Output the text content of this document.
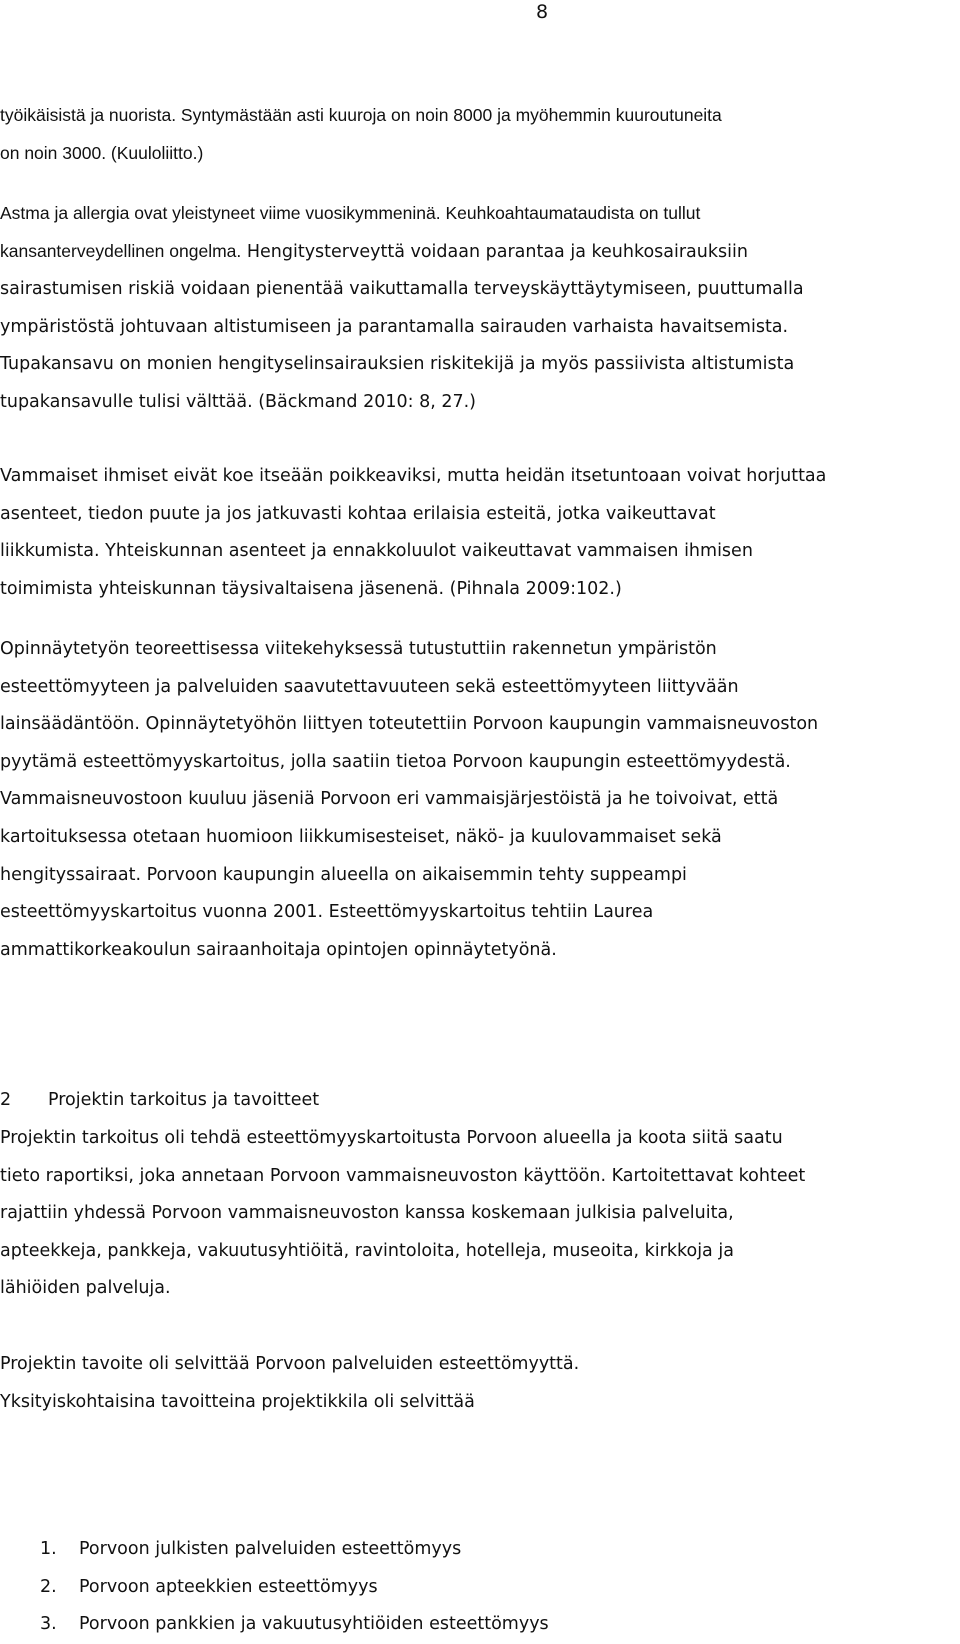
8

työikäisistä ja nuorista. Syntymästään asti kuuroja on noin 8000 ja myöhemmin kuuroutuneita
on noin 3000. (Kuuloliitto.)

Astma ja allergia ovat yleistyneet viime vuosikymmeninä. Keuhkoahtaumataudista on tullut
kansanterveydellinen ongelma. Hengitysterveyttä voidaan parantaa ja keuhkosairauksiin
sairastumisen riskiä voidaan pienentää vaikuttamalla terveyskäyttäytymiseen, puuttumalla
ympäristöstä johtuvaan altistumiseen ja parantamalla sairauden varhaista havaitsemista.
Tupakansavu on monien hengityselinsairauksien riskitekijä ja myös passiivista altistumista
tupakansavulle tulisi välttää. (Bäckmand 2010: 8, 27.)

Vammaiset ihmiset eivät koe itseään poikkeaviksi, mutta heidän itsetuntoaan voivat horjuttaa
asenteet, tiedon puute ja jos jatkuvasti kohtaa erilaisia esteitä, jotka vaikeuttavat
liikkumista. Yhteiskunnan asenteet ja ennakkoluulot vaikeuttavat vammaisen ihmisen
toimimista yhteiskunnan täysivaltaisena jäsenenä. (Pihnala 2009:102.)

Opinnäytetyön teoreettisessa viitekehyksessä tutustuttiin rakennetun ympäristön
esteettömyyteen ja palveluiden saavutettavuuteen sekä esteettömyyteen liittyvään
lainsäädäntöön. Opinnäytetyöhön liittyen toteutettiin Porvoon kaupungin vammaisneuvoston
pyytämä esteettömyyskartoitus, jolla saatiin tietoa Porvoon kaupungin esteettömyydestä.
Vammaisneuvostoon kuuluu jäseniä Porvoon eri vammaisjärjestöistä ja he toivoivat, että
kartoituksessa otetaan huomioon liikkumisesteiset, näkö- ja kuulovammaiset sekä
hengityssairaat. Porvoon kaupungin alueella on aikaisemmin tehty suppeampi
esteettömyyskartoitus vuonna 2001. Esteettömyyskartoitus tehtiin Laurea
ammattikorkeakoulun sairaanhoitaja opintojen opinnäytetyönä.

2 Projektin tarkoitus ja tavoitteet

Projektin tarkoitus oli tehdä esteettömyyskartoitusta Porvoon alueella ja koota siitä saatu
tieto raportiksi, joka annetaan Porvoon vammaisneuvoston käyttöön. Kartoitettavat kohteet
rajattiin yhdessä Porvoon vammaisneuvoston kanssa koskemaan julkisia palveluita,
apteekkeja, pankkeja, vakuutusyhtiöitä, ravintoloita, hotelleja, museoita, kirkkoja ja
lähiöiden palveluja.

Projektin tavoite oli selvittää Porvoon palveluiden esteettömyyttä.
Yksityiskohtaisina tavoitteina projektikkila oli selvittää

1. Porvoon julkisten palveluiden esteettömyys
2. Porvoon apteekkien esteettömyys
3. Porvoon pankkien ja vakuutusyhtiöiden esteettömyys
